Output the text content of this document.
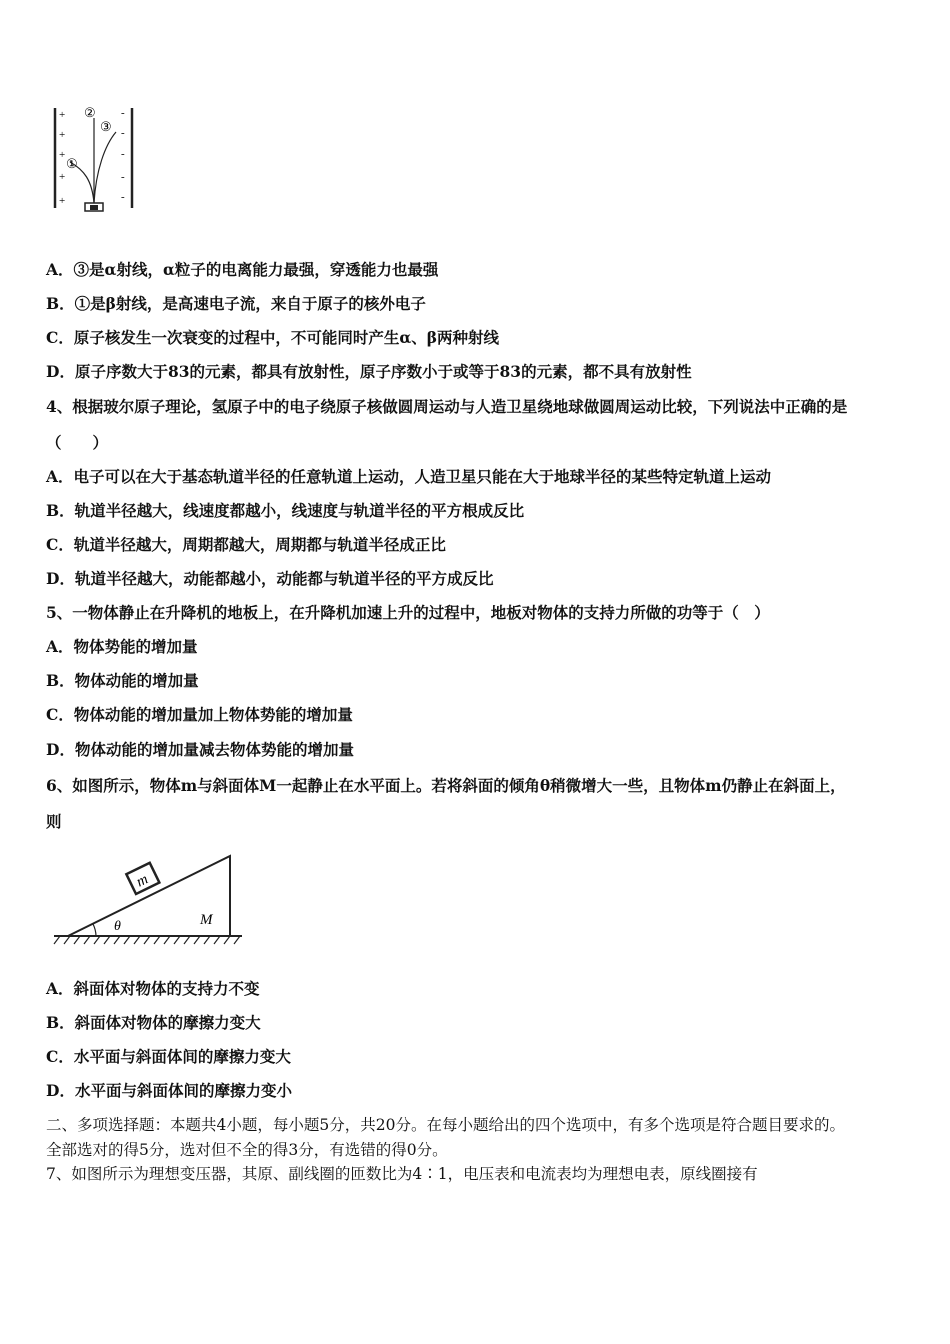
+
+
+
+
+
-
-
-
-
-
①
②
③
A．③是α射线，α粒子的电离能力最强，穿透能力也最强
B．①是β射线，是高速电子流，来自于原子的核外电子
C．原子核发生一次衰变的过程中，不可能同时产生α、β两种射线
D．原子序数大于83的元素，都具有放射性，原子序数小于或等于83的元素，都不具有放射性
4、根据玻尔原子理论，氢原子中的电子绕原子核做圆周运动与人造卫星绕地球做圆周运动比较，下列说法中正确的是
（　　）
A．电子可以在大于基态轨道半径的任意轨道上运动，人造卫星只能在大于地球半径的某些特定轨道上运动
B．轨道半径越大，线速度都越小，线速度与轨道半径的平方根成反比
C．轨道半径越大，周期都越大，周期都与轨道半径成正比
D．轨道半径越大，动能都越小，动能都与轨道半径的平方成反比
5、一物体静止在升降机的地板上，在升降机加速上升的过程中，地板对物体的支持力所做的功等于（　）
A．物体势能的增加量
B．物体动能的增加量
C．物体动能的增加量加上物体势能的增加量
D．物体动能的增加量减去物体势能的增加量
6、如图所示，物体m与斜面体M一起静止在水平面上。若将斜面的倾角θ稍微增大一些，且物体m仍静止在斜面上，
则
m
θ	M
A．斜面体对物体的支持力不变
B．斜面体对物体的摩擦力变大
C．水平面与斜面体间的摩擦力变大
D．水平面与斜面体间的摩擦力变小
二、多项选择题：本题共4小题，每小题5分，共20分。在每小题给出的四个选项中，有多个选项是符合题目要求的。
全部选对的得5分，选对但不全的得3分，有选错的得0分。
7、如图所示为理想变压器，其原、副线圈的匝数比为4∶1，电压表和电流表均为理想电表，原线圈接有
